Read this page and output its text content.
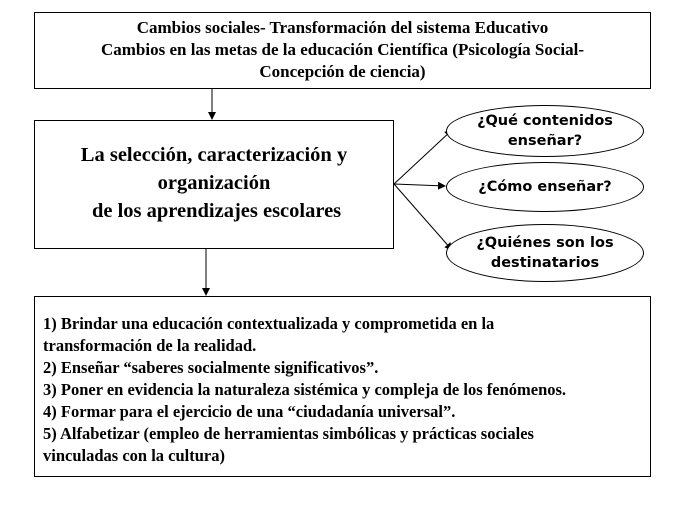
Cambios sociales- Transformación del sistema Educativo
Cambios en las metas de la educación Científica (Psicología Social-
Concepción de ciencia)
La selección, caracterización y
organización
de los aprendizajes escolares
¿Qué contenidos
enseñar?
¿Cómo enseñar?
¿Quiénes son los
destinatarios
1) Brindar una educación contextualizada y comprometida en la
transformación de la realidad.
2) Enseñar “saberes socialmente significativos”.
3) Poner en evidencia la naturaleza sistémica y compleja de los fenómenos.
4) Formar para el ejercicio de una “ciudadanía universal”.
5) Alfabetizar (empleo de herramientas simbólicas y prácticas sociales
vinculadas con la cultura)
